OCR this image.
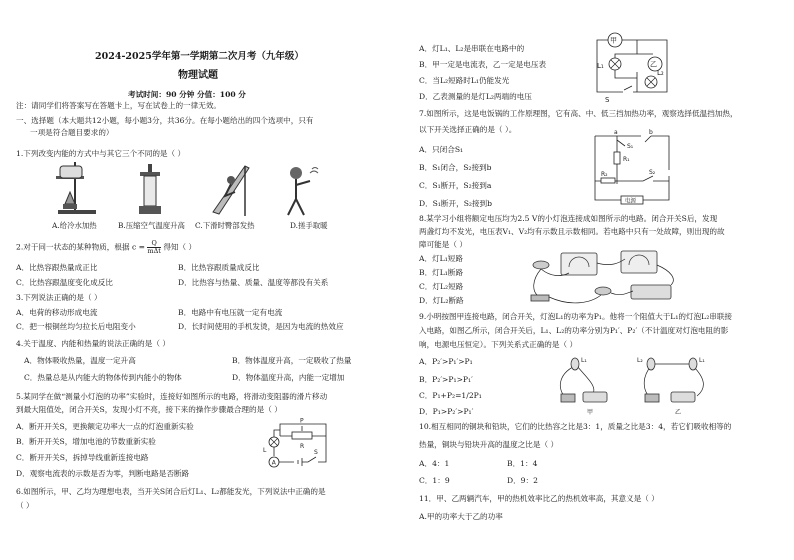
2024-2025学年第一学期第二次月考（九年级）
物理试题
考试时间：90 分钟 分值：100 分
注：请同学们将答案写在答题卡上，写在试卷上的一律无效。
一、选择题（本大题共12小题，每小题3分，共36分。在每小题给出的四个选项中，只有
一项是符合题目要求的）
1.下列改变内能的方式中与其它三个不同的是（ ）
A.给冷水加热	B.压缩空气温度升高 C.下滑时臀部发热	D.搓手取暖
2.对于同一状态的某种物质，根据 $c = \frac{Q}{\text{mΔt}}$ 得知（ ）
A．比热容跟热量成正比	B．比热容跟质量成反比
C．比热容跟温度变化成反比	D．比热容与热量、质量、温度等都没有关系
3.下列说法正确的是（ ）
A．电荷的移动形成电流	B．电路中有电压就一定有电流
C．把一根铜丝均匀拉长后电阻变小	D．长时间使用的手机发烫，是因为电流的热效应
4.关于温度、内能和热量的说法正确的是（ ）
A．物体吸收热量，温度一定升高	B．物体温度升高，一定吸收了热量
C．热量总是从内能大的物体传到内能小的物体	D．物体温度升高，内能一定增加
5.某同学在做“测量小灯泡的功率”实验时，连接好如图所示的电路，将滑动变阻器的滑片移动
到最大阻值处，闭合开关S，发现小灯不亮，接下来的操作步骤最合理的是（ ）
A．断开开关S，更换额定功率大一点的灯泡重新实验
B．断开开关S，增加电池的节数重新实验
C．断开开关S，拆掉导线重新连接电路
D．观察电流表的示数是否为零，判断电路是否断路
P
R
L
A
S
6.如图所示，甲、乙均为理想电表，当开关S闭合后灯L₁、L₂都能发光，下列说法中正确的是
（ ）
A．灯L₁、L₂是串联在电路中的
B．甲一定是电流表，乙一定是电压表
C．当L₂短路时L₁仍能发光
D．乙表测量的是灯L₂两端的电压
甲
L₁	乙
L₂
S
7.如图所示，这是电饭锅的工作原理图，它有高、中、低三挡加热功率，观察选择低温挡加热，
以下开关选择正确的是（ ）。
A．只闭合S₁
B．S₁闭合，S₂接到b
C．S₁断开，S₂接到a
D．S₁断开，S₂接到b
a	b
S₁
R₁
R₂	S₂
电源
8.某学习小组将额定电压均为2.5 V的小灯泡连接成如图所示的电路。闭合开关S后，发现
两盏灯均不发光，电压表V₁、V₂均有示数且示数相同。若电路中只有一处故障，则出现的故
障可能是（ ）
A．灯L₁短路
B．灯L₁断路
C．灯L₂短路
D．灯L₂断路
9.小明按图甲连接电路，闭合开关，灯泡L₁的功率为P₁。他将一个阻值大于L₁的灯泡L₂串联接
入电路，如图乙所示，闭合开关后，L₁、L₂的功率分别为P₁′、P₂′（不计温度对灯泡电阻的影
响，电源电压恒定）。下列关系式正确的是（ ）
A．P₂′>P₁′>P₁
B．P₂′>P₁>P₁′
C．P₁+P₂=1/2P₁
D．P₁>P₂′>P₁′
L₁
甲
L₂	L₁
乙
10.相互相同的铜块和铅块，它们的比热容之比是3：1，质量之比是3：4，若它们吸收相等的
热量，铜块与铅块升高的温度之比是（ ）
A．4：1	B．1：4
C．1：9	D．9：2
11．甲、乙两辆汽车，甲的热机效率比乙的热机效率高，其意义是（ ）
A.甲的功率大于乙的功率
